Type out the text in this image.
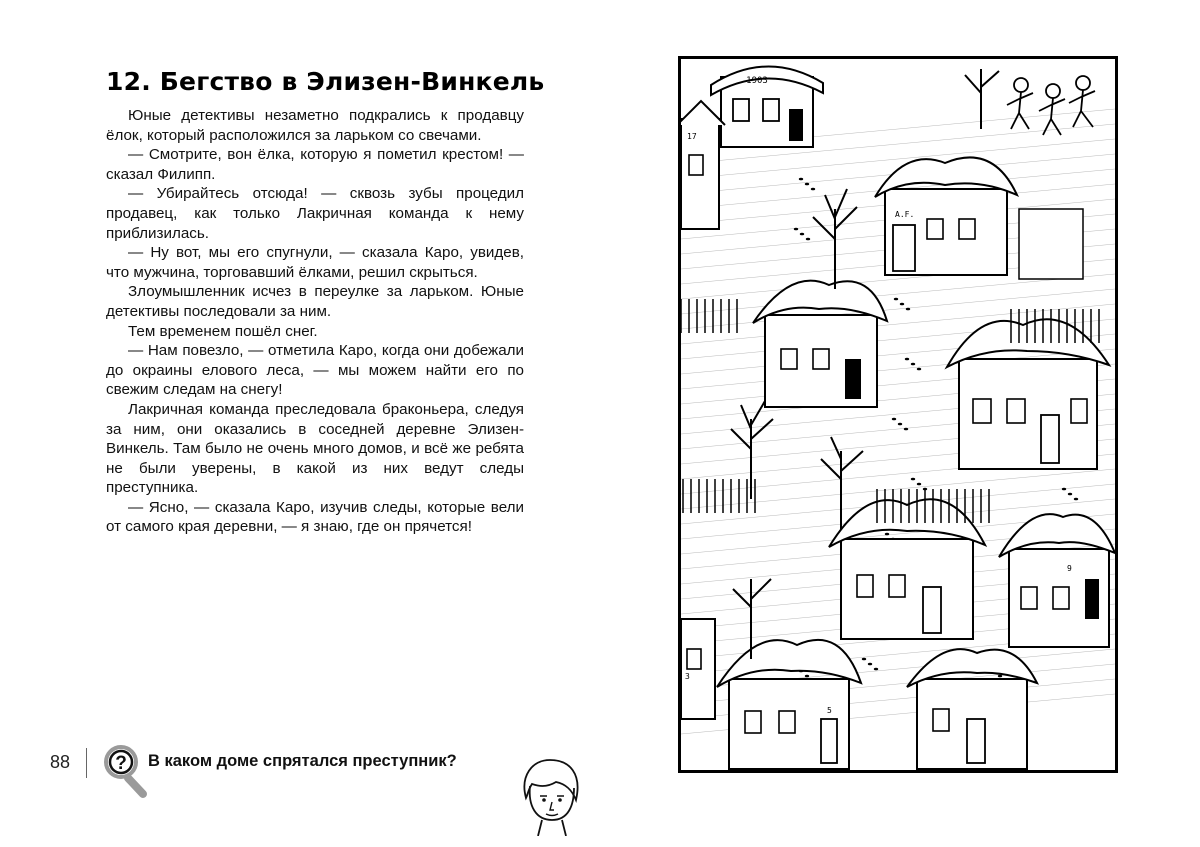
12. Бегство в Элизен-Винкель

Юные детективы незаметно подкрались к продавцу ёлок, который расположился за ларьком со свечами.

— Смотрите, вон ёлка, которую я пометил крестом! — сказал Филипп.

— Убирайтесь отсюда! — сквозь зубы процедил продавец, как только Лакричная команда к нему приблизилась.

— Ну вот, мы его спугнули, — сказала Каро, увидев, что мужчина, торговавший ёлками, решил скрыться.

Злоумышленник исчез в переулке за ларьком. Юные детективы последовали за ним.

Тем временем пошёл снег.

— Нам повезло, — отметила Каро, когда они добежали до окраины елового леса, — мы можем найти его по свежим следам на снегу!

Лакричная команда преследовала браконьера, следуя за ним, они оказались в соседней деревне Элизен-Винкель. Там было не очень много домов, и всё же ребята не были уверены, в какой из них ведут следы преступника.

— Ясно, — сказала Каро, изучив следы, которые вели от самого края деревни, — я знаю, где он прячется!

88 ? В каком доме спрятался преступник?
1903
17
A.F.
9
5
3
